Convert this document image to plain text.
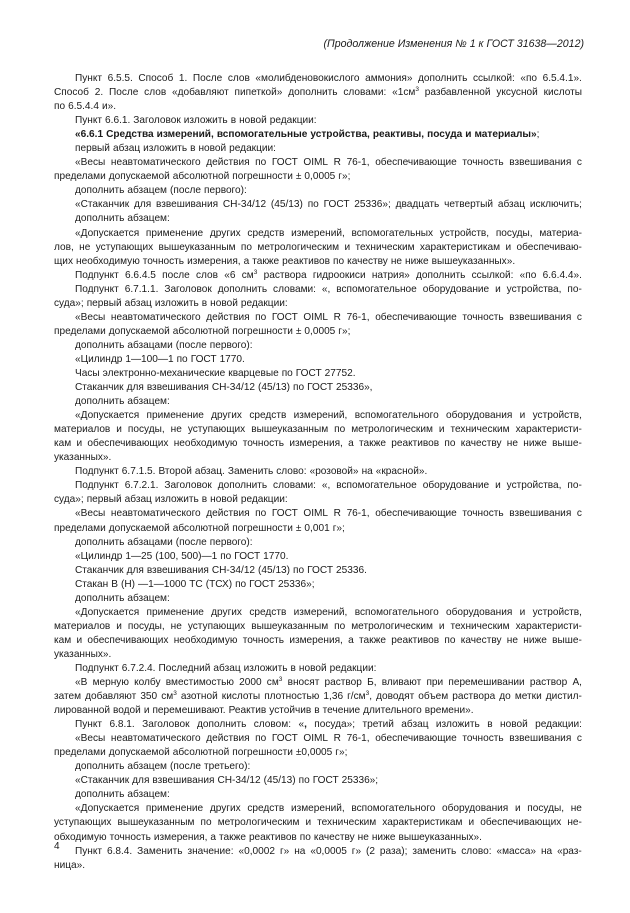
(Продолжение Изменения № 1 к ГОСТ 31638—2012)
Пункт 6.5.5. Способ 1. После слов «молибденовокислого аммония» дополнить ссылкой: «по 6.5.4.1».
Способ 2. После слов «добавляют пипеткой» дополнить словами: «$1см^3$ разбавленной уксусной кислоты
по 6.5.4.4 и».
Пункт 6.6.1. Заголовок изложить в новой редакции:
«6.6.1 Средства измерений, вспомогательные устройства, реактивы, посуда и материалы»;
первый абзац изложить в новой редакции:
«Весы неавтоматического действия по ГОСТ OIML R 76-1, обеспечивающие точность взвешивания с
пределами допускаемой абсолютной погрешности ± 0,0005 г»;
дополнить абзацем (после первого):
«Стаканчик для взвешивания СН-34/12 (45/13) по ГОСТ 25336»; двадцать четвертый абзац исключить;
дополнить абзацем:
«Допускается применение других средств измерений, вспомогательных устройств, посуды, материа-
лов, не уступающих вышеуказанным по метрологическим и техническим характеристикам и обеспечиваю-
щих необходимую точность измерения, а также реактивов по качеству не ниже вышеуказанных».
Подпункт 6.6.4.5 после слов «6 $см^3$ раствора гидроокиси натрия» дополнить ссылкой: «по 6.6.4.4».
Подпункт 6.7.1.1. Заголовок дополнить словами: «, вспомогательное оборудование и устройства, по-
суда»; первый абзац изложить в новой редакции:
«Весы неавтоматического действия по ГОСТ OIML R 76-1, обеспечивающие точность взвешивания с
пределами допускаемой абсолютной погрешности ± 0,0005 г»;
дополнить абзацами (после первого):
«Цилиндр 1—100—1 по ГОСТ 1770.
Часы электронно-механические кварцевые по ГОСТ 27752.
Стаканчик для взвешивания СН-34/12 (45/13) по ГОСТ 25336»,
дополнить абзацем:
«Допускается применение других средств измерений, вспомогательного оборудования и устройств,
материалов и посуды, не уступающих вышеуказанным по метрологическим и техническим характеристи-
кам и обеспечивающих необходимую точность измерения, а также реактивов по качеству не ниже выше-
указанных».
Подпункт 6.7.1.5. Второй абзац. Заменить слово: «розовой» на «красной».
Подпункт 6.7.2.1. Заголовок дополнить словами: «, вспомогательное оборудование и устройства, по-
суда»; первый абзац изложить в новой редакции:
«Весы неавтоматического действия по ГОСТ OIML R 76-1, обеспечивающие точность взвешивания с
пределами допускаемой абсолютной погрешности ± 0,001 г»;
дополнить абзацами (после первого):
«Цилиндр 1—25 (100, 500)—1 по ГОСТ 1770.
Стаканчик для взвешивания СН-34/12 (45/13) по ГОСТ 25336.
Стакан В (Н) —1—1000 ТС (ТСХ) по ГОСТ 25336»;
дополнить абзацем:
«Допускается применение других средств измерений, вспомогательного оборудования и устройств,
материалов и посуды, не уступающих вышеуказанным по метрологическим и техническим характеристи-
кам и обеспечивающих необходимую точность измерения, а также реактивов по качеству не ниже выше-
указанных».
Подпункт 6.7.2.4. Последний абзац изложить в новой редакции:
«В мерную колбу вместимостью 2000 $см^3$ вносят раствор Б, вливают при перемешивании раствор А,
затем добавляют 350 $см^3$ азотной кислоты плотностью 1,36 $г/см^3$, доводят объем раствора до метки дистил-
лированной водой и перемешивают. Реактив устойчив в течение длительного времени».
Пункт 6.8.1. Заголовок дополнить словом: «, посуда»; третий абзац изложить в новой редакции:
«Весы неавтоматического действия по ГОСТ OIML R 76-1, обеспечивающие точность взвешивания с
пределами допускаемой абсолютной погрешности ±0,0005 г»;
дополнить абзацем (после третьего):
«Стаканчик для взвешивания СН-34/12 (45/13) по ГОСТ 25336»;
дополнить абзацем:
«Допускается применение других средств измерений, вспомогательного оборудования и посуды, не
уступающих вышеуказанным по метрологическим и техническим характеристикам и обеспечивающих не-
обходимую точность измерения, а также реактивов по качеству не ниже вышеуказанных».
Пункт 6.8.4. Заменить значение: «0,0002 г» на «0,0005 г» (2 раза); заменить слово: «масса» на «раз-
ница».
4
